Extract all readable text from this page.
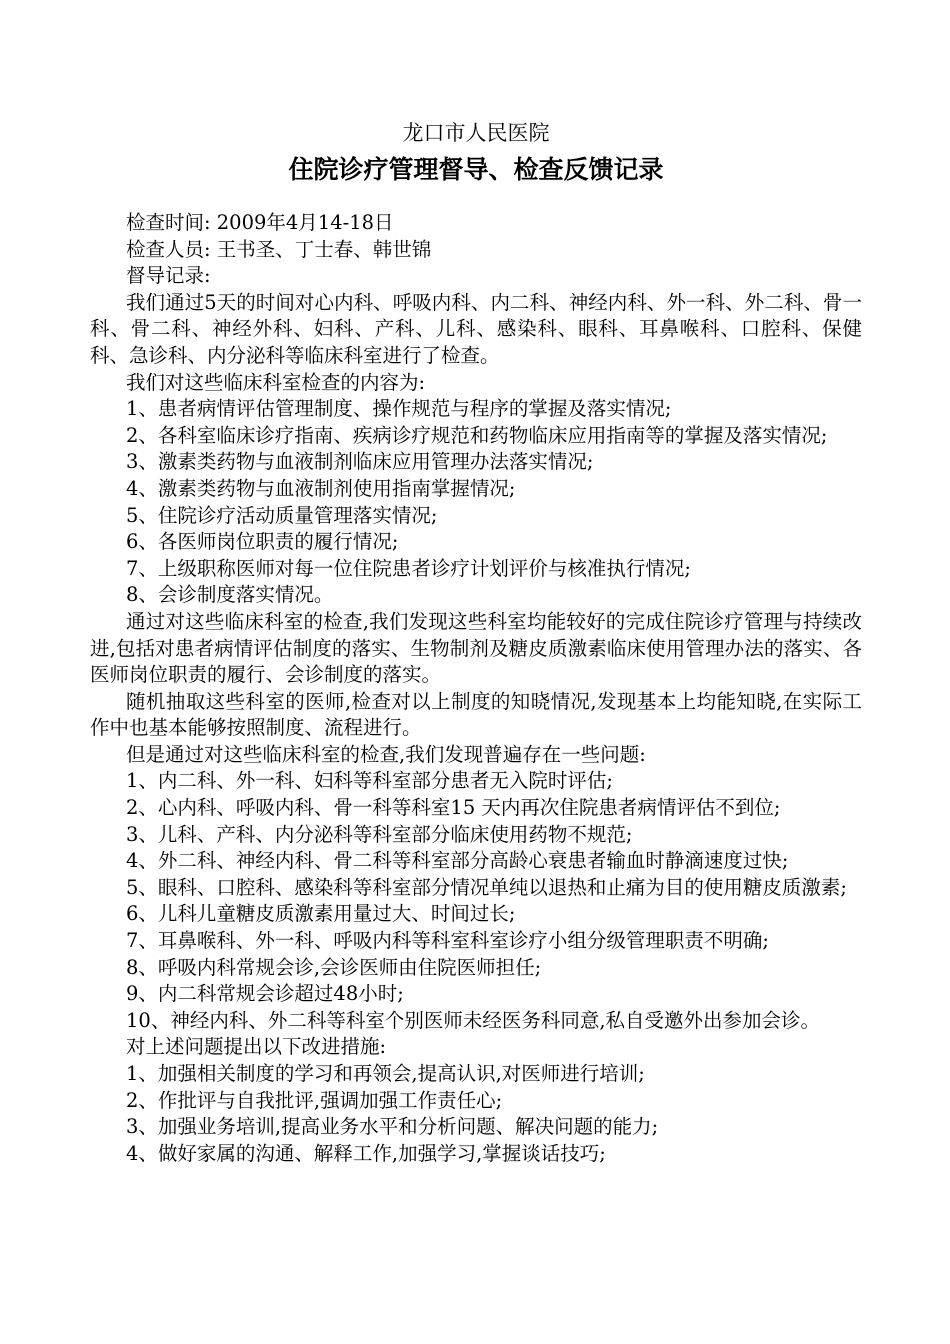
龙口市人民医院
住院诊疗管理督导、检查反馈记录

检查时间: 2009年4月14-18日

检查人员: 王书圣、丁士春、韩世锦

督导记录:

我们通过5天的时间对心内科、呼吸内科、内二科、神经内科、外一科、外二科、骨一科、骨二科、神经外科、妇科、产科、儿科、感染科、眼科、耳鼻喉科、口腔科、保健科、急诊科、内分泌科等临床科室进行了检查。

我们对这些临床科室检查的内容为:

1、患者病情评估管理制度、操作规范与程序的掌握及落实情况;

2、各科室临床诊疗指南、疾病诊疗规范和药物临床应用指南等的掌握及落实情况;

3、激素类药物与血液制剂临床应用管理办法落实情况;

4、激素类药物与血液制剂使用指南掌握情况;

5、住院诊疗活动质量管理落实情况;

6、各医师岗位职责的履行情况;

7、上级职称医师对每一位住院患者诊疗计划评价与核准执行情况;

8、会诊制度落实情况。

通过对这些临床科室的检查,我们发现这些科室均能较好的完成住院诊疗管理与持续改进,包括对患者病情评估制度的落实、生物制剂及糖皮质激素临床使用管理办法的落实、各医师岗位职责的履行、会诊制度的落实。

随机抽取这些科室的医师,检查对以上制度的知晓情况,发现基本上均能知晓,在实际工作中也基本能够按照制度、流程进行。

但是通过对这些临床科室的检查,我们发现普遍存在一些问题:

1、内二科、外一科、妇科等科室部分患者无入院时评估;

2、心内科、呼吸内科、骨一科等科室15 天内再次住院患者病情评估不到位;

3、儿科、产科、内分泌科等科室部分临床使用药物不规范;

4、外二科、神经内科、骨二科等科室部分高龄心衰患者输血时静滴速度过快;

5、眼科、口腔科、感染科等科室部分情况单纯以退热和止痛为目的使用糖皮质激素;

6、儿科儿童糖皮质激素用量过大、时间过长;

7、耳鼻喉科、外一科、呼吸内科等科室科室诊疗小组分级管理职责不明确;

8、呼吸内科常规会诊,会诊医师由住院医师担任;

9、内二科常规会诊超过48小时;

10、神经内科、外二科等科室个别医师未经医务科同意,私自受邀外出参加会诊。

对上述问题提出以下改进措施:

1、加强相关制度的学习和再领会,提高认识,对医师进行培训;

2、作批评与自我批评,强调加强工作责任心;

3、加强业务培训,提高业务水平和分析问题、解决问题的能力;

4、做好家属的沟通、解释工作,加强学习,掌握谈话技巧;
